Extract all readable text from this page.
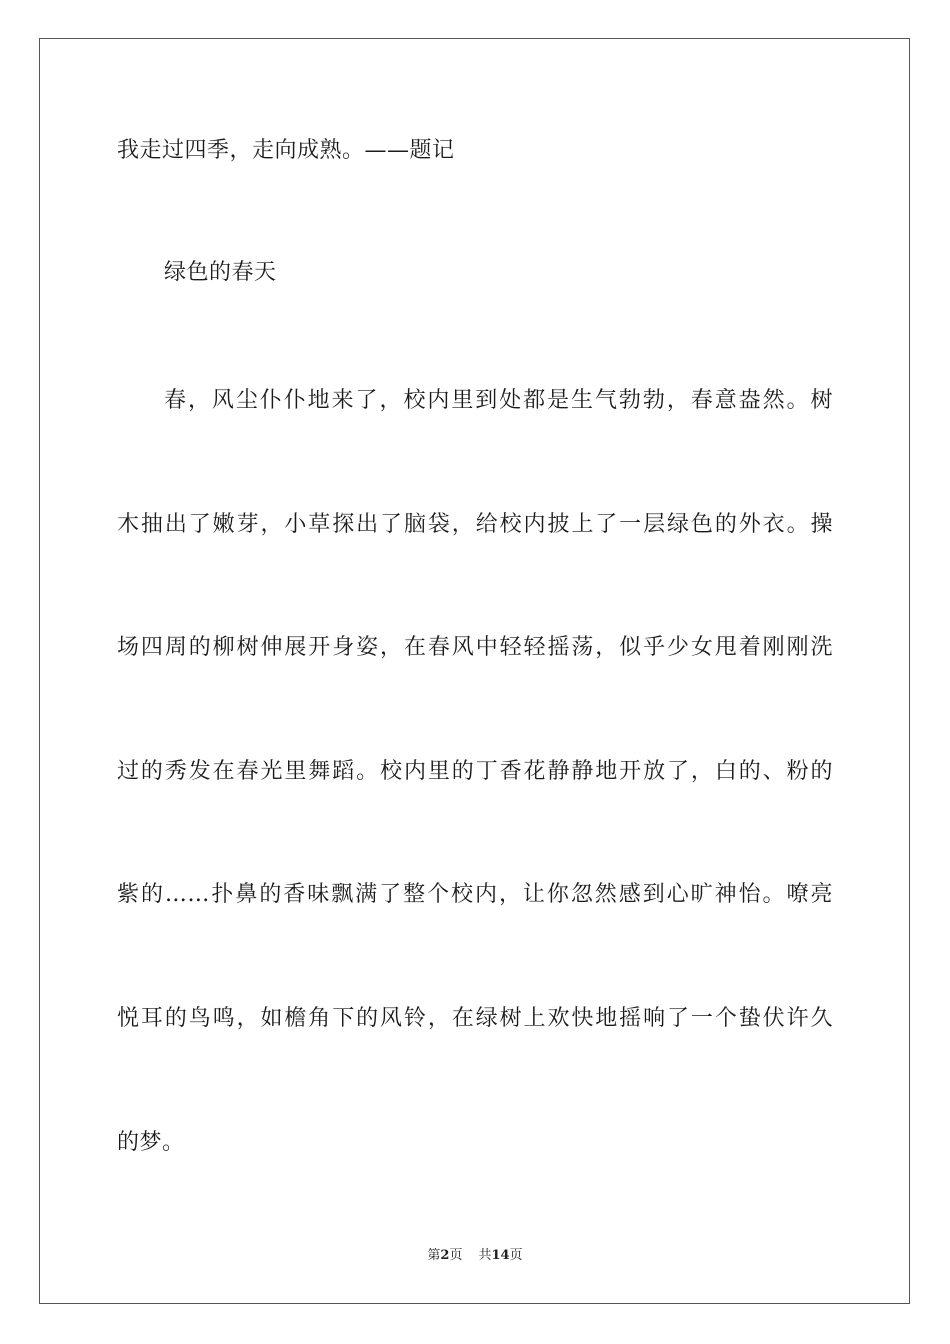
我走过四季，走向成熟。——题记
绿色的春天
春，风尘仆仆地来了，校内里到处都是生气勃勃，春意盎然。树
木抽出了嫩芽，小草探出了脑袋，给校内披上了一层绿色的外衣。操
场四周的柳树伸展开身姿，在春风中轻轻摇荡，似乎少女甩着刚刚洗
过的秀发在春光里舞蹈。校内里的丁香花静静地开放了，白的、粉的
紫的……扑鼻的香味飘满了整个校内，让你忽然感到心旷神怡。嘹亮
悦耳的鸟鸣，如檐角下的风铃，在绿树上欢快地摇响了一个蛰伏许久
的梦。
第2页 共14页
